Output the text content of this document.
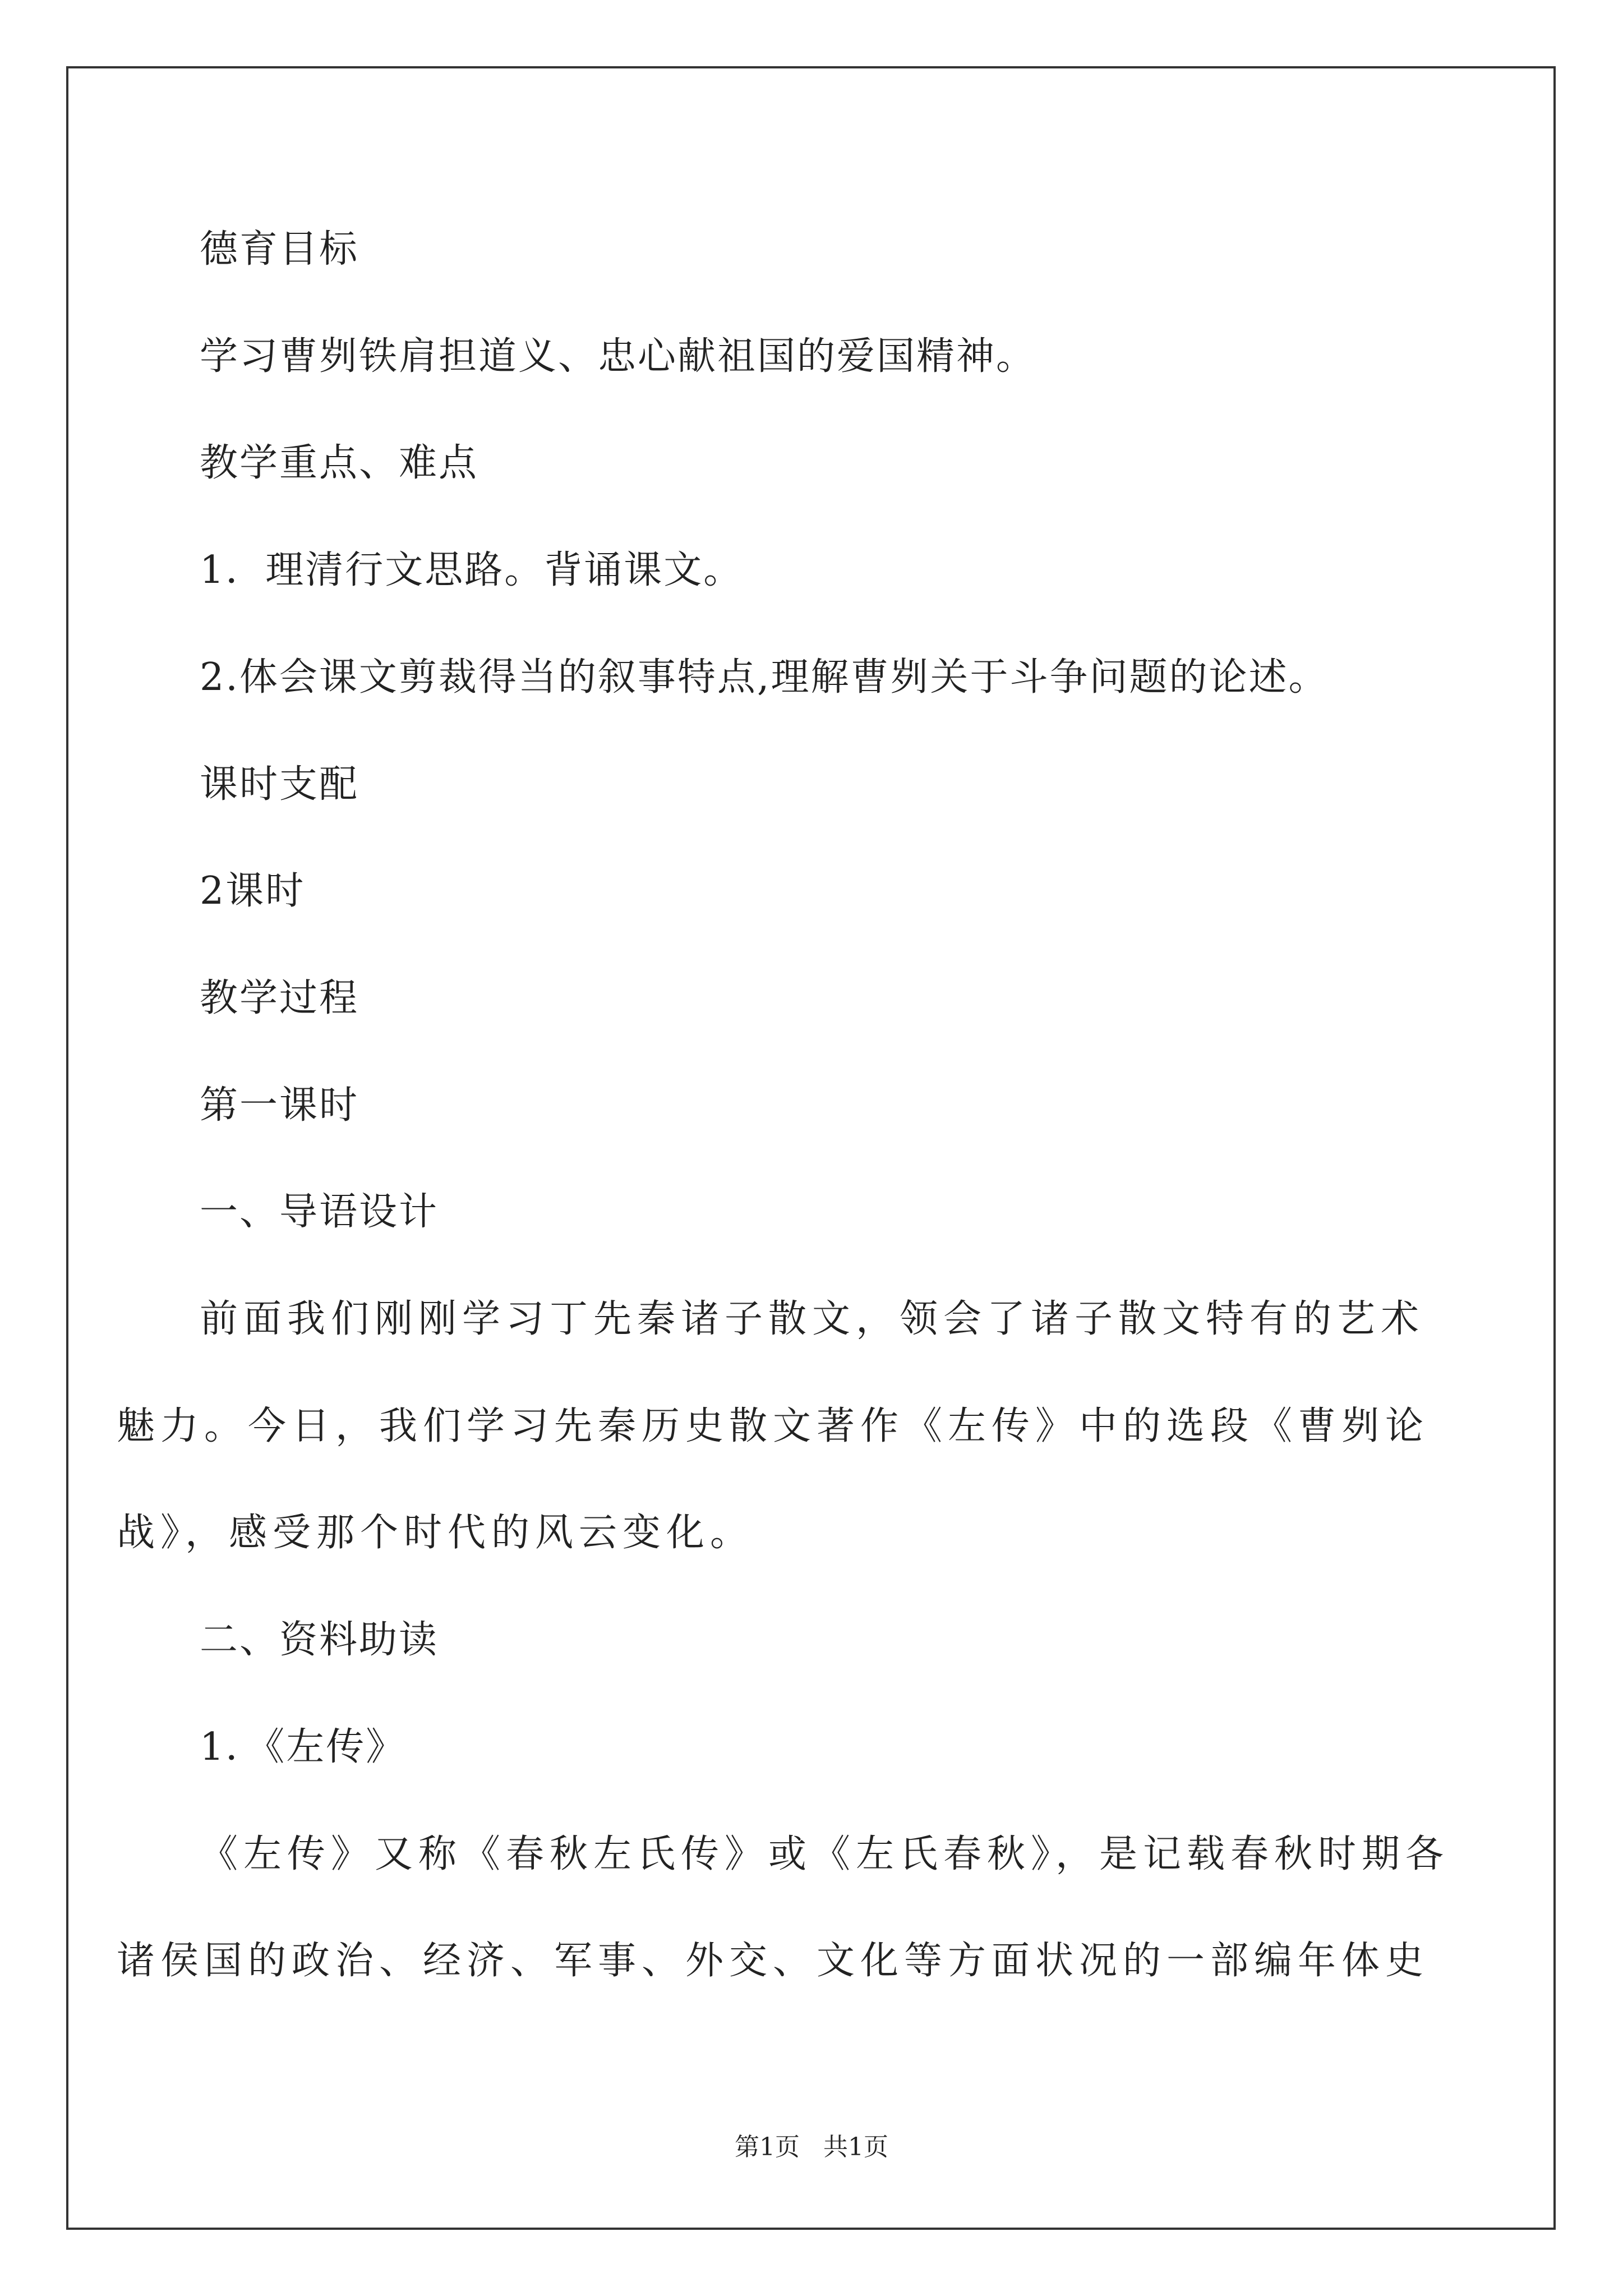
德育目标
学习曹刿铁肩担道义、忠心献祖国的爱国精神。
教学重点、难点
1．理清行文思路。背诵课文。
2.体会课文剪裁得当的叙事特点,理解曹刿关于斗争问题的论述。
课时支配
2课时
教学过程
第一课时
一、导语设计
前面我们刚刚学习丁先秦诸子散文，领会了诸子散文特有的艺术
魅力。今日，我们学习先秦历史散文著作《左传》中的选段《曹刿论
战》，感受那个时代的风云变化。
二、资料助读
1．《左传》
《左传》又称《春秋左氏传》或《左氏春秋》，是记载春秋时期各
诸侯国的政治、经济、军事、外交、文化等方面状况的一部编年体史
第1页   共1页
